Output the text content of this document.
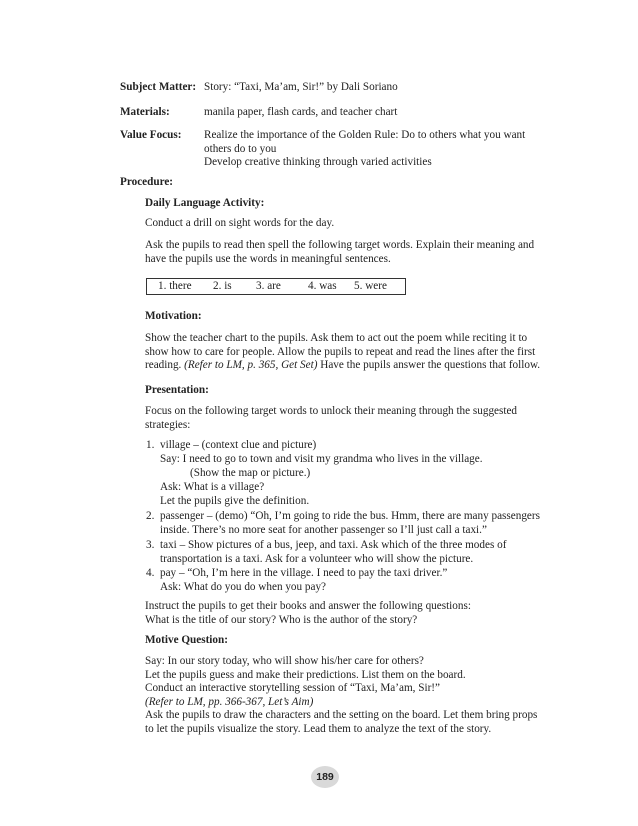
Subject Matter: Story: “Taxi, Ma’am, Sir!” by Dali Soriano
Materials:	manila paper, flash cards, and teacher chart
Value Focus:	Realize the importance of the Golden Rule: Do to others what you want
others do to you
Develop creative thinking through varied activities
Procedure:

Daily Language Activity:

Conduct a drill on sight words for the day.

Ask the pupils to read then spell the following target words. Explain their meaning and

have the pupils use the words in meaningful sentences.

1. there 2. is 3. are 4. was 5. were

Motivation:

Show the teacher chart to the pupils. Ask them to act out the poem while reciting it to

show how to care for people. Allow the pupils to repeat and read the lines after the first

reading. (Refer to LM, p. 365, Get Set) Have the pupils answer the questions that follow.

Presentation:

Focus on the following target words to unlock their meaning through the suggested

strategies:

1. village – (context clue and picture)
Say: I need to go to town and visit my grandma who lives in the village.
(Show the map or picture.)
Ask: What is a village?
Let the pupils give the definition.
2. passenger – (demo) “Oh, I’m going to ride the bus. Hmm, there are many passengers
inside. There’s no more seat for another passenger so I’ll just call a taxi.”
3. taxi – Show pictures of a bus, jeep, and taxi. Ask which of the three modes of
transportation is a taxi. Ask for a volunteer who will show the picture.
4. pay – “Oh, I’m here in the village. I need to pay the taxi driver.”
Ask: What do you do when you pay?

Instruct the pupils to get their books and answer the following questions:

What is the title of our story? Who is the author of the story?

Motive Question:

Say: In our story today, who will show his/her care for others?

Let the pupils guess and make their predictions. List them on the board.

Conduct an interactive storytelling session of “Taxi, Ma’am, Sir!”

(Refer to LM, pp. 366-367, Let’s Aim)

Ask the pupils to draw the characters and the setting on the board. Let them bring props

to let the pupils visualize the story. Lead them to analyze the text of the story.

189
